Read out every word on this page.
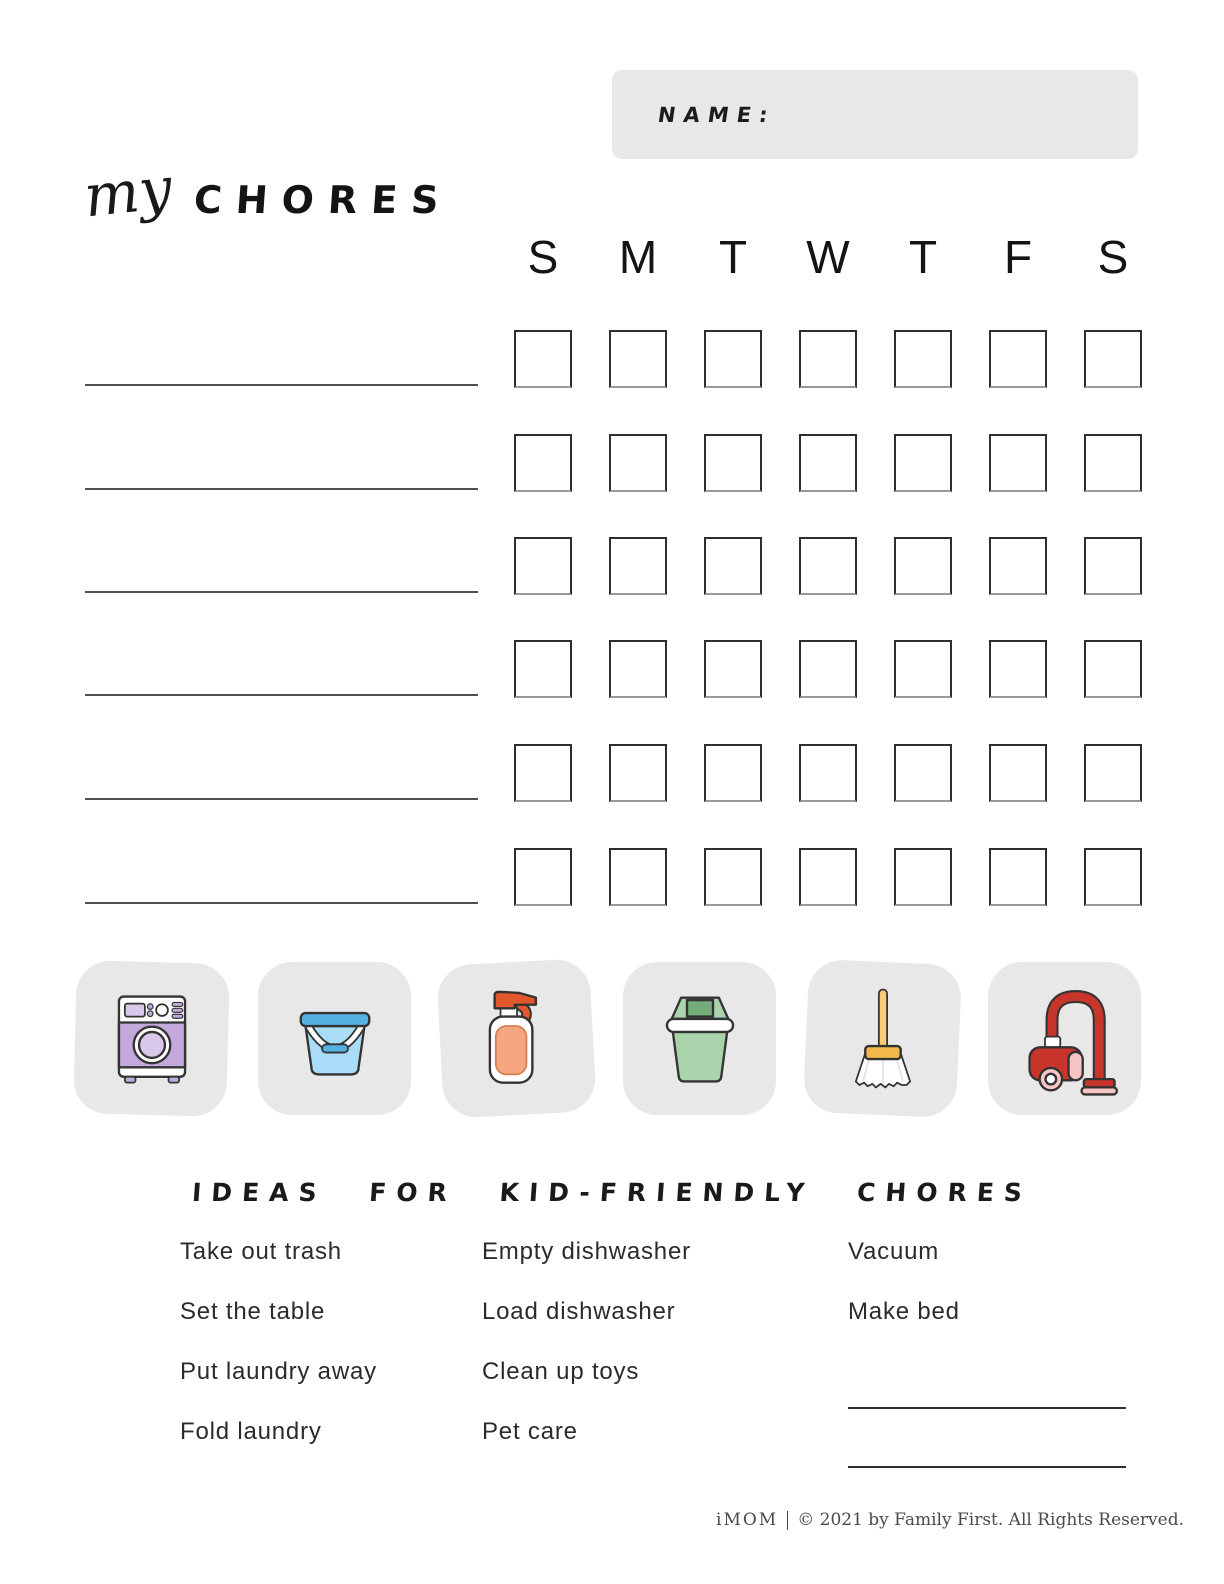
NAME:
my CHORES
S M	T	W	T	F	S
IDEAS FOR KID-FRIENDLY CHORES
Take out trash
Set the table
Put laundry away
Fold laundry
Empty dishwasher
Load dishwasher
Clean up toys
Pet care
Vacuum
Make bed
iMOM © 2021 by Family First. All Rights Reserved.
